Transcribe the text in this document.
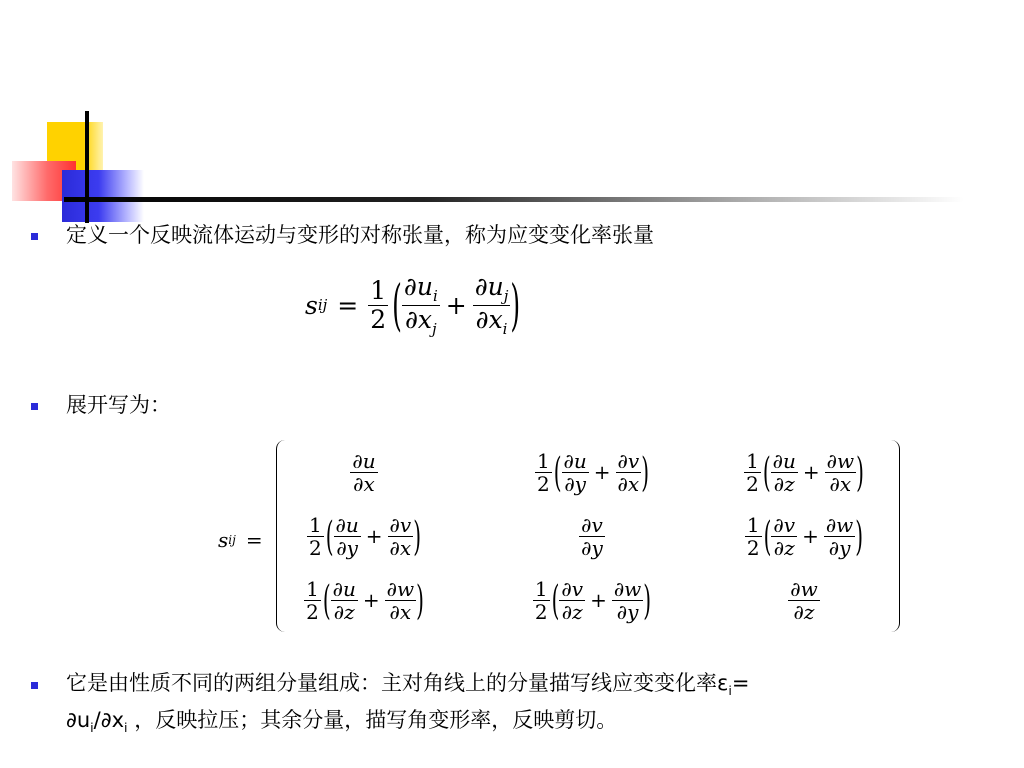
定义一个反映流体运动与变形的对称张量，称为应变变化率张量
s ij = $\frac{1}{2}$ ( $\frac{\partial u_i}{\partial x_j} + \frac{\partial u_j}{\partial x_i}$ )
展开写为：
s ij =
$\frac{\partial u}{\partial x}$	$\frac{1}{2}$ ( $\frac{\partial u}{\partial y} + \frac{\partial v}{\partial x}$ )	$\frac{1}{2}$ ( $\frac{\partial u}{\partial z} + \frac{\partial w}{\partial x}$ )
$\frac{1}{2}$ ( $\frac{\partial u}{\partial y} + \frac{\partial v}{\partial x}$ )	$\frac{\partial v}{\partial y}$	$\frac{1}{2}$ ( $\frac{\partial v}{\partial z} + \frac{\partial w}{\partial y}$ )
$\frac{1}{2}$ ( $\frac{\partial u}{\partial z} + \frac{\partial w}{\partial x}$ )	$\frac{1}{2}$ ( $\frac{\partial v}{\partial z} + \frac{\partial w}{\partial y}$ )	$\frac{\partial w}{\partial z}$
它是由性质不同的两组分量组成：主对角线上的分量描写线应变变化率$\varepsilon_i=$
$\partial u_i/\partial x_i$ ，反映拉压；其余分量，描写角变形率，反映剪切。
